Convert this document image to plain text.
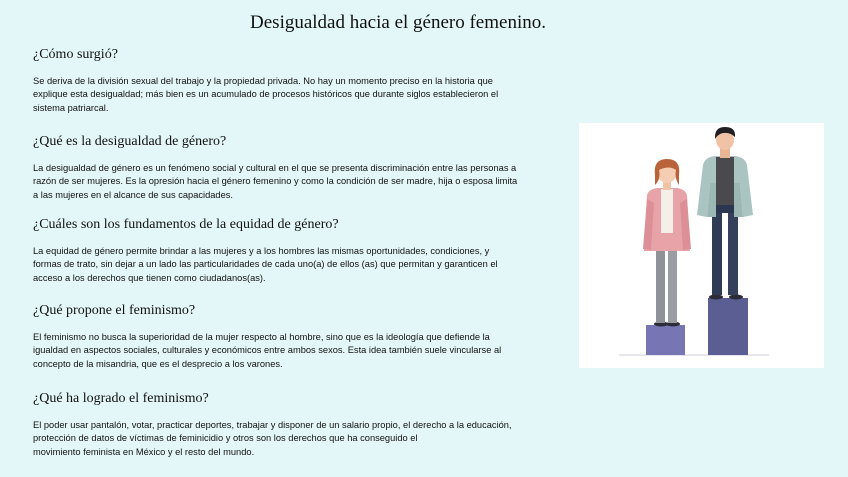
Desigualdad hacia el género femenino.

¿Cómo surgió?

Se deriva de la división sexual del trabajo y la propiedad privada. No hay un momento preciso en la historia que
explique esta desigualdad; más bien es un acumulado de procesos históricos que durante siglos establecieron el
sistema patriarcal.

¿Qué es la desigualdad de género?

La desigualdad de género es un fenómeno social y cultural en el que se presenta discriminación entre las personas a
razón de ser mujeres. Es la opresión hacia el género femenino y como la condición de ser madre, hija o esposa limita
a las mujeres en el alcance de sus capacidades.

¿Cuáles son los fundamentos de la equidad de género?

La equidad de género permite brindar a las mujeres y a los hombres las mismas oportunidades, condiciones, y
formas de trato, sin dejar a un lado las particularidades de cada uno(a) de ellos (as) que permitan y garanticen el
acceso a los derechos que tienen como ciudadanos(as).

¿Qué propone el feminismo?

El feminismo no busca la superioridad de la mujer respecto al hombre, sino que es la ideología que defiende la
igualdad en aspectos sociales, culturales y económicos entre ambos sexos. Esta idea también suele vincularse al
concepto de la misandria, que es el desprecio a los varones.

¿Qué ha logrado el feminismo?

El poder usar pantalón, votar, practicar deportes, trabajar y disponer de un salario propio, el derecho a la educación,
protección de datos de víctimas de feminicidio y otros son los derechos que ha conseguido el
movimiento feminista en México y el resto del mundo.
